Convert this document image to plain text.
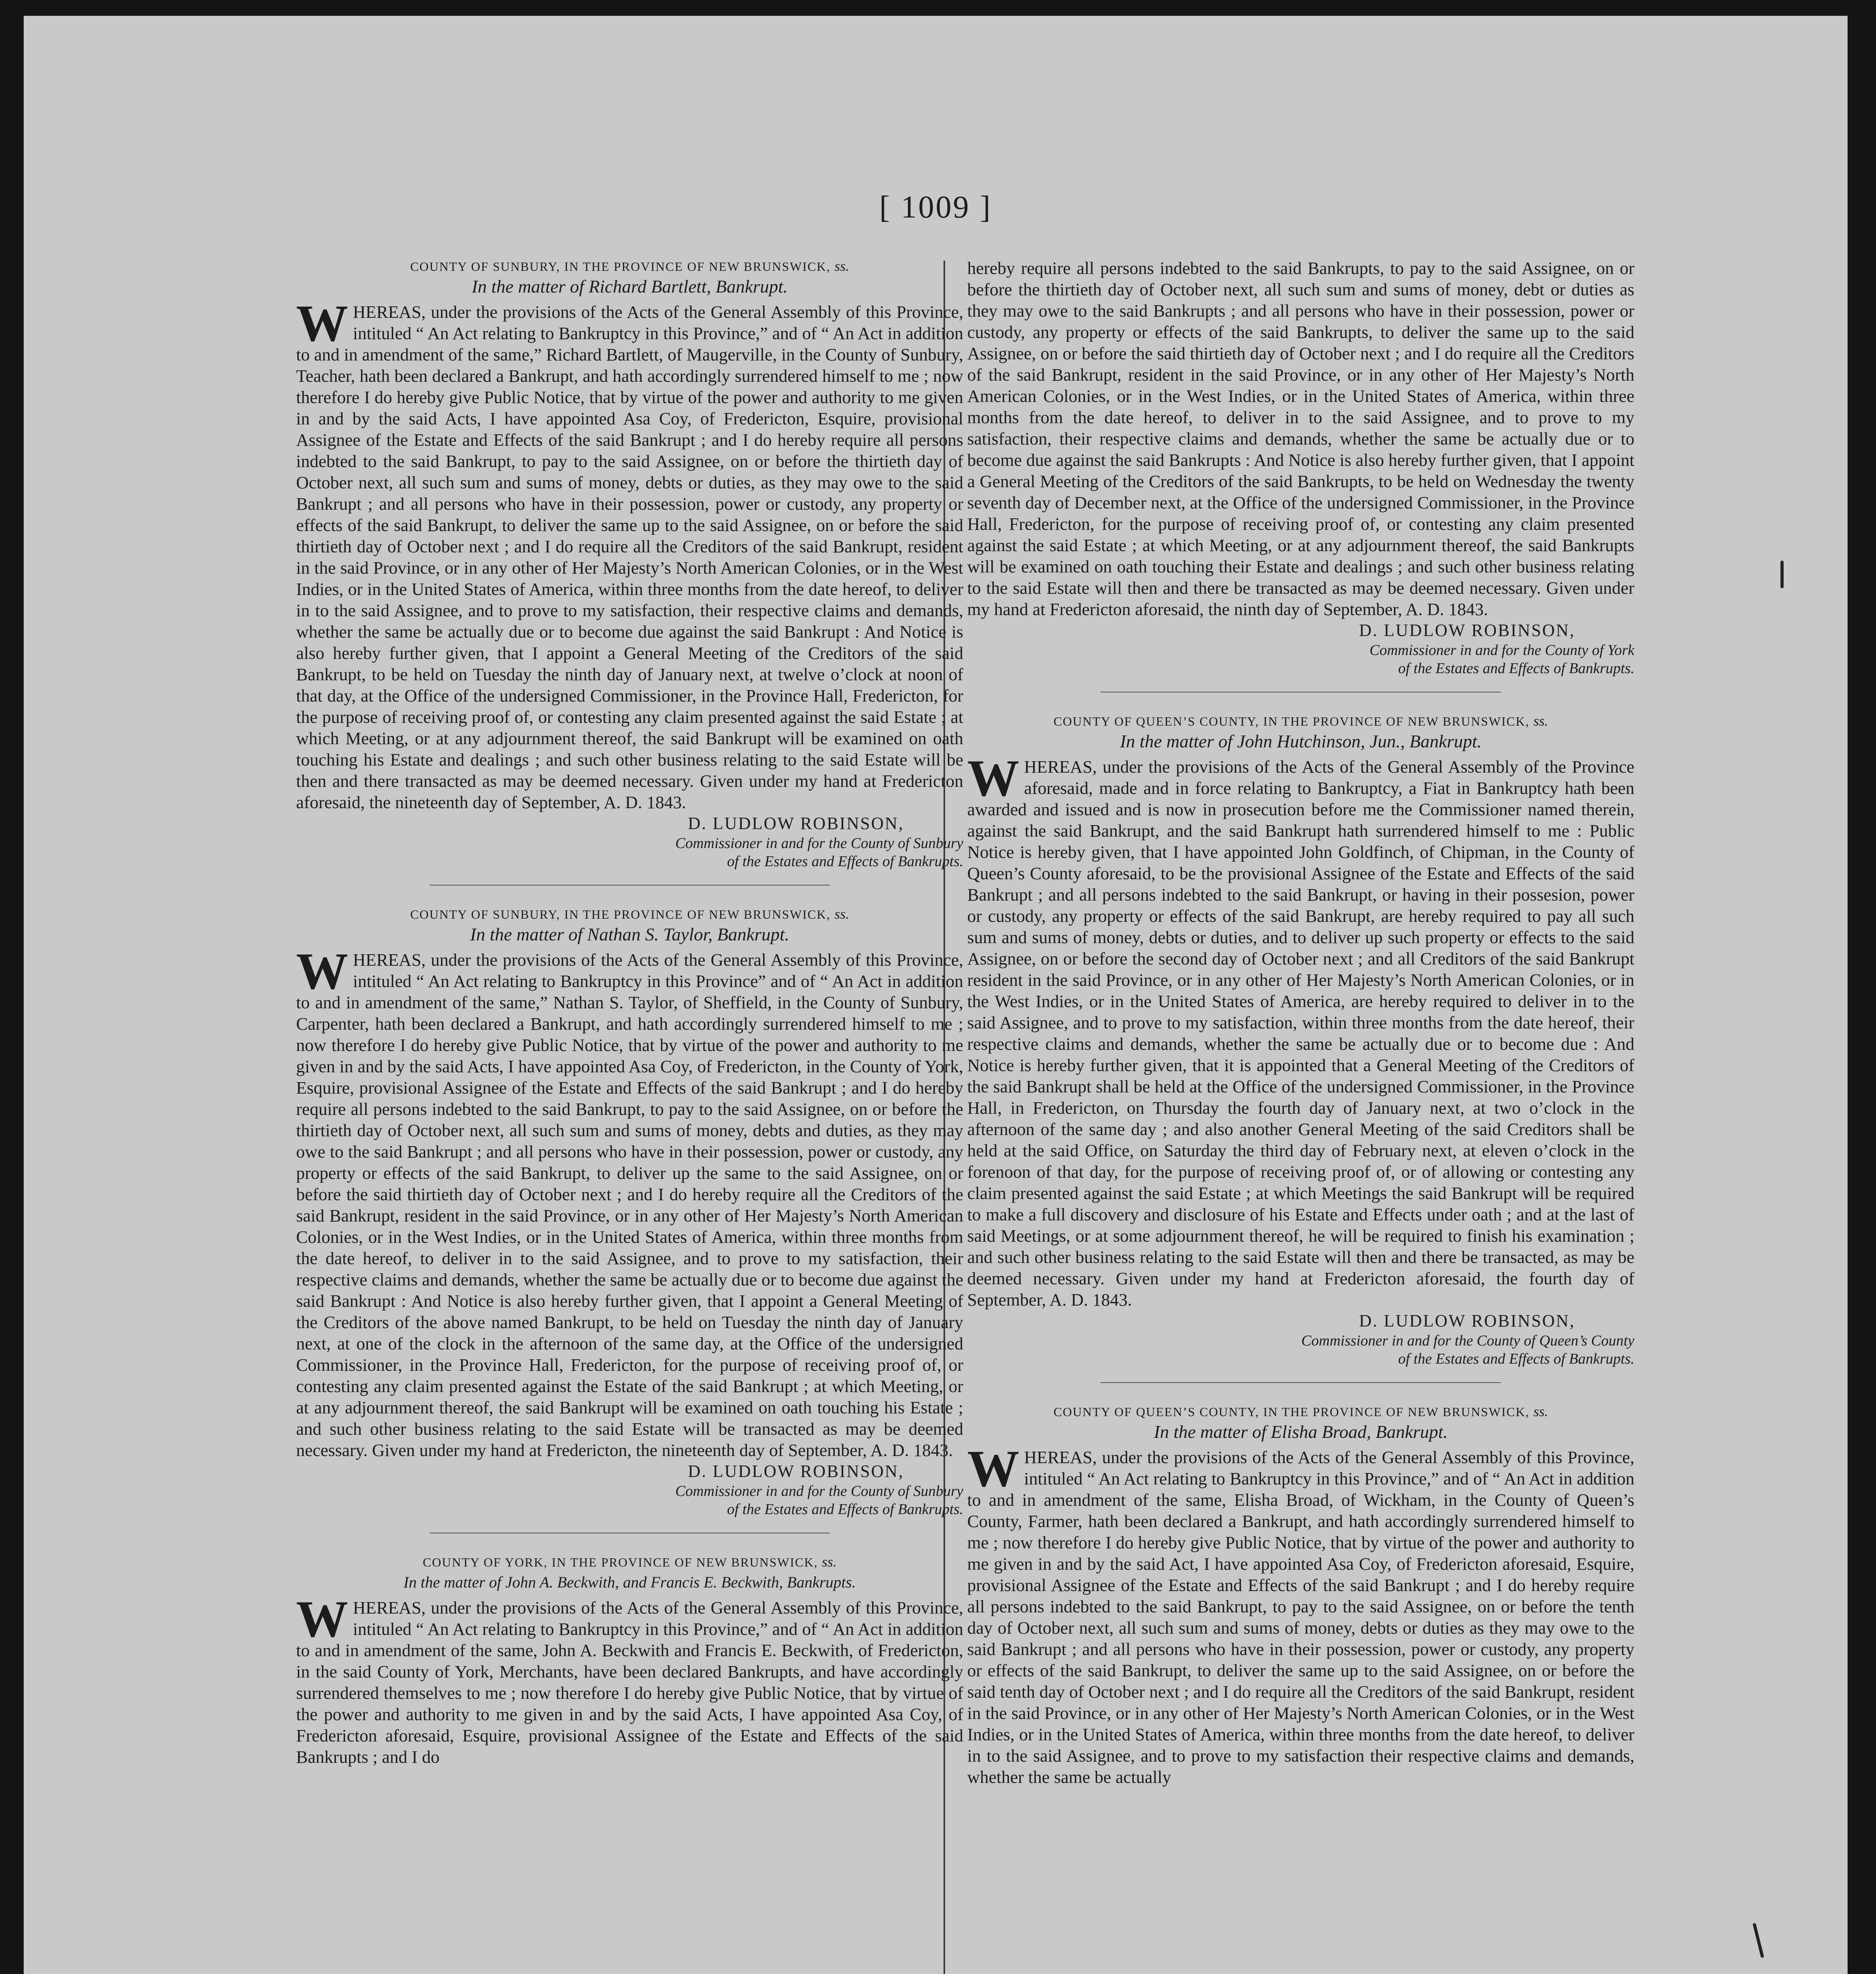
[ 1009 ]
COUNTY OF SUNBURY, IN THE PROVINCE OF NEW BRUNSWICK, ss.
In the matter of Richard Bartlett, Bankrupt.
W HEREAS, under the provisions of the Acts of the General Assembly of this Province, intituled “ An Act relating to Bankruptcy in this Province,” and of “ An Act in addition to and in amendment of the same,” Richard Bartlett, of Maugerville, in the County of Sunbury, Teacher, hath been declared a Bankrupt, and hath accordingly surrendered himself to me ; now therefore I do hereby give Public Notice, that by virtue of the power and authority to me given in and by the said Acts, I have appointed Asa Coy, of Fredericton, Esquire, provisional Assignee of the Estate and Effects of the said Bankrupt ; and I do hereby require all persons indebted to the said Bankrupt, to pay to the said Assignee, on or before the thirtieth day of October next, all such sum and sums of money, debts or duties, as they may owe to the said Bankrupt ; and all persons who have in their possession, power or custody, any property or effects of the said Bankrupt, to deliver the same up to the said Assignee, on or before the said thirtieth day of October next ; and I do require all the Creditors of the said Bankrupt, resident in the said Province, or in any other of Her Majesty’s North American Colonies, or in the West Indies, or in the United States of America, within three months from the date hereof, to deliver in to the said Assignee, and to prove to my satisfaction, their respective claims and demands, whether the same be actually due or to become due against the said Bankrupt : And Notice is also hereby further given, that I appoint a General Meeting of the Creditors of the said Bankrupt, to be held on Tuesday the ninth day of January next, at twelve o’clock at noon of that day, at the Office of the undersigned Commissioner, in the Province Hall, Fredericton, for the purpose of receiving proof of, or contesting any claim presented against the said Estate ; at which Meeting, or at any adjournment thereof, the said Bankrupt will be examined on oath touching his Estate and dealings ; and such other business relating to the said Estate will be then and there transacted as may be deemed necessary. Given under my hand at Fredericton aforesaid, the nineteenth day of September, A. D. 1843.

D. LUDLOW ROBINSON,
Commissioner in and for the County of Sunbury
of the Estates and Effects of Bankrupts.
COUNTY OF SUNBURY, IN THE PROVINCE OF NEW BRUNSWICK, ss.
In the matter of Nathan S. Taylor, Bankrupt.
W HEREAS, under the provisions of the Acts of the General Assembly of this Province, intituled “ An Act relating to Bankruptcy in this Province” and of “ An Act in addition to and in amendment of the same,” Nathan S. Taylor, of Sheffield, in the County of Sunbury, Carpenter, hath been declared a Bankrupt, and hath accordingly surrendered himself to me ; now therefore I do hereby give Public Notice, that by virtue of the power and authority to me given in and by the said Acts, I have appointed Asa Coy, of Fredericton, in the County of York, Esquire, provisional Assignee of the Estate and Effects of the said Bankrupt ; and I do hereby require all persons indebted to the said Bankrupt, to pay to the said Assignee, on or before the thirtieth day of October next, all such sum and sums of money, debts and duties, as they may owe to the said Bankrupt ; and all persons who have in their possession, power or custody, any property or effects of the said Bankrupt, to deliver up the same to the said Assignee, on or before the said thirtieth day of October next ; and I do hereby require all the Creditors of the said Bankrupt, resident in the said Province, or in any other of Her Majesty’s North American Colonies, or in the West Indies, or in the United States of America, within three months from the date hereof, to deliver in to the said Assignee, and to prove to my satisfaction, their respective claims and demands, whether the same be actually due or to become due against the said Bankrupt : And Notice is also hereby further given, that I appoint a General Meeting of the Creditors of the above named Bankrupt, to be held on Tuesday the ninth day of January next, at one of the clock in the afternoon of the same day, at the Office of the undersigned Commissioner, in the Province Hall, Fredericton, for the purpose of receiving proof of, or contesting any claim presented against the Estate of the said Bankrupt ; at which Meeting, or at any adjournment thereof, the said Bankrupt will be examined on oath touching his Estate ; and such other business relating to the said Estate will be transacted as may be deemed necessary. Given under my hand at Fredericton, the nineteenth day of September, A. D. 1843.

D. LUDLOW ROBINSON,
Commissioner in and for the County of Sunbury
of the Estates and Effects of Bankrupts.
COUNTY OF YORK, IN THE PROVINCE OF NEW BRUNSWICK, ss.
In the matter of John A. Beckwith, and Francis E. Beckwith, Bankrupts.
W HEREAS, under the provisions of the Acts of the General Assembly of this Province, intituled “ An Act relating to Bankruptcy in this Province,” and of “ An Act in addition to and in amendment of the same, John A. Beckwith and Francis E. Beckwith, of Fredericton, in the said County of York, Merchants, have been declared Bankrupts, and have accordingly surrendered themselves to me ; now therefore I do hereby give Public Notice, that by virtue of the power and authority to me given in and by the said Acts, I have appointed Asa Coy, of Fredericton aforesaid, Esquire, provisional Assignee of the Estate and Effects of the said Bankrupts ; and I do

hereby require all persons indebted to the said Bankrupts, to pay to the said Assignee, on or before the thirtieth day of October next, all such sum and sums of money, debt or duties as they may owe to the said Bankrupts ; and all persons who have in their possession, power or custody, any property or effects of the said Bankrupts, to deliver the same up to the said Assignee, on or before the said thirtieth day of October next ; and I do require all the Creditors of the said Bankrupt, resident in the said Province, or in any other of Her Majesty’s North American Colonies, or in the West Indies, or in the United States of America, within three months from the date hereof, to deliver in to the said Assignee, and to prove to my satisfaction, their respective claims and demands, whether the same be actually due or to become due against the said Bankrupts : And Notice is also hereby further given, that I appoint a General Meeting of the Creditors of the said Bankrupts, to be held on Wednesday the twenty seventh day of December next, at the Office of the undersigned Commissioner, in the Province Hall, Fredericton, for the purpose of receiving proof of, or contesting any claim presented against the said Estate ; at which Meeting, or at any adjournment thereof, the said Bankrupts will be examined on oath touching their Estate and dealings ; and such other business relating to the said Estate will then and there be transacted as may be deemed necessary. Given under my hand at Fredericton aforesaid, the ninth day of September, A. D. 1843.

D. LUDLOW ROBINSON,
Commissioner in and for the County of York
of the Estates and Effects of Bankrupts.
COUNTY OF QUEEN’S COUNTY, IN THE PROVINCE OF NEW BRUNSWICK, ss.
In the matter of John Hutchinson, Jun., Bankrupt.
W HEREAS, under the provisions of the Acts of the General Assembly of the Province aforesaid, made and in force relating to Bankruptcy, a Fiat in Bankruptcy hath been awarded and issued and is now in prosecution before me the Commissioner named therein, against the said Bankrupt, and the said Bankrupt hath surrendered himself to me : Public Notice is hereby given, that I have appointed John Goldfinch, of Chipman, in the County of Queen’s County aforesaid, to be the provisional Assignee of the Estate and Effects of the said Bankrupt ; and all persons indebted to the said Bankrupt, or having in their possesion, power or custody, any property or effects of the said Bankrupt, are hereby required to pay all such sum and sums of money, debts or duties, and to deliver up such property or effects to the said Assignee, on or before the second day of October next ; and all Creditors of the said Bankrupt resident in the said Province, or in any other of Her Majesty’s North American Colonies, or in the West Indies, or in the United States of America, are hereby required to deliver in to the said Assignee, and to prove to my satisfaction, within three months from the date hereof, their respective claims and demands, whether the same be actually due or to become due : And Notice is hereby further given, that it is appointed that a General Meeting of the Creditors of the said Bankrupt shall be held at the Office of the undersigned Commissioner, in the Province Hall, in Fredericton, on Thursday the fourth day of January next, at two o’clock in the afternoon of the same day ; and also another General Meeting of the said Creditors shall be held at the said Office, on Saturday the third day of February next, at eleven o’clock in the forenoon of that day, for the purpose of receiving proof of, or of allowing or contesting any claim presented against the said Estate ; at which Meetings the said Bankrupt will be required to make a full discovery and disclosure of his Estate and Effects under oath ; and at the last of said Meetings, or at some adjournment thereof, he will be required to finish his examination ; and such other business relating to the said Estate will then and there be transacted, as may be deemed necessary. Given under my hand at Fredericton aforesaid, the fourth day of September, A. D. 1843.

D. LUDLOW ROBINSON,
Commissioner in and for the County of Queen’s County
of the Estates and Effects of Bankrupts.
COUNTY OF QUEEN’S COUNTY, IN THE PROVINCE OF NEW BRUNSWICK, ss.
In the matter of Elisha Broad, Bankrupt.
W HEREAS, under the provisions of the Acts of the General Assembly of this Province, intituled “ An Act relating to Bankruptcy in this Province,” and of “ An Act in addition to and in amendment of the same, Elisha Broad, of Wickham, in the County of Queen’s County, Farmer, hath been declared a Bankrupt, and hath accordingly surrendered himself to me ; now therefore I do hereby give Public Notice, that by virtue of the power and authority to me given in and by the said Act, I have appointed Asa Coy, of Fredericton aforesaid, Esquire, provisional Assignee of the Estate and Effects of the said Bankrupt ; and I do hereby require all persons indebted to the said Bankrupt, to pay to the said Assignee, on or before the tenth day of October next, all such sum and sums of money, debts or duties as they may owe to the said Bankrupt ; and all persons who have in their possession, power or custody, any property or effects of the said Bankrupt, to deliver the same up to the said Assignee, on or before the said tenth day of October next ; and I do require all the Creditors of the said Bankrupt, resident in the said Province, or in any other of Her Majesty’s North American Colonies, or in the West Indies, or in the United States of America, within three months from the date hereof, to deliver in to the said Assignee, and to prove to my satisfaction their respective claims and demands, whether the same be actually
